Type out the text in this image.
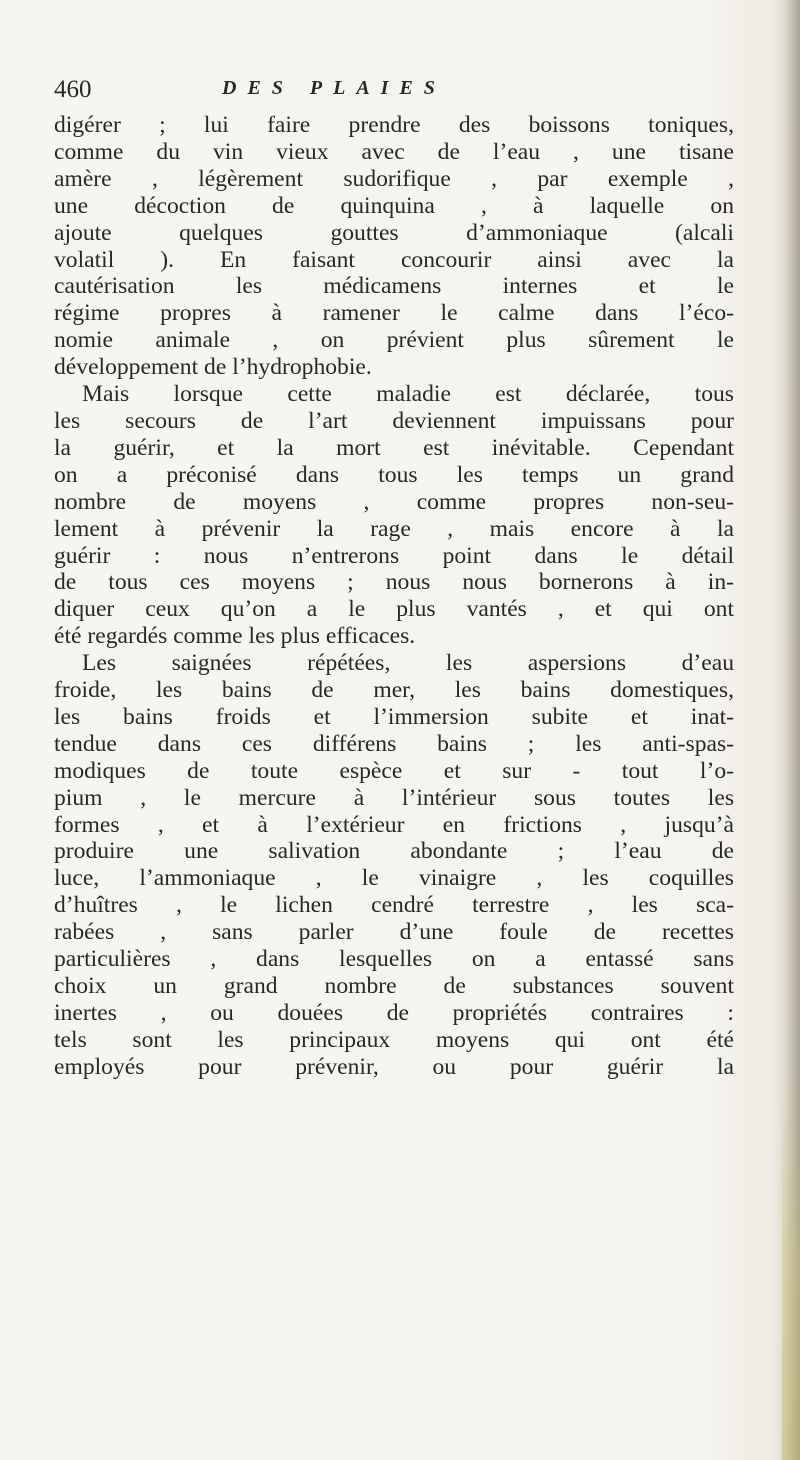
460	DES PLAIES
digérer ; lui faire prendre des boissons toniques,
comme du vin vieux avec de l’eau , une tisane
amère , légèrement sudorifique , par exemple ,
une décoction de quinquina , à laquelle on
ajoute quelques gouttes d’ammoniaque (alcali
volatil ). En faisant concourir ainsi avec la
cautérisation les médicamens internes et le
régime propres à ramener le calme dans l’éco-
nomie animale , on prévient plus sûrement le
développement de l’hydrophobie.
Mais lorsque cette maladie est déclarée, tous
les secours de l’art deviennent impuissans pour
la guérir, et la mort est inévitable. Cependant
on a préconisé dans tous les temps un grand
nombre de moyens , comme propres non-seu-
lement à prévenir la rage , mais encore à la
guérir : nous n’entrerons point dans le détail
de tous ces moyens ; nous nous bornerons à in-
diquer ceux qu’on a le plus vantés , et qui ont
été regardés comme les plus efficaces.
Les saignées répétées, les aspersions d’eau
froide, les bains de mer, les bains domestiques,
les bains froids et l’immersion subite et inat-
tendue dans ces différens bains ; les anti-spas-
modiques de toute espèce et sur - tout l’o-
pium , le mercure à l’intérieur sous toutes les
formes , et à l’extérieur en frictions , jusqu’à
produire une salivation abondante ; l’eau de
luce, l’ammoniaque , le vinaigre , les coquilles
d’huîtres , le lichen cendré terrestre , les sca-
rabées , sans parler d’une foule de recettes
particulières , dans lesquelles on a entassé sans
choix un grand nombre de substances souvent
inertes , ou douées de propriétés contraires :
tels sont les principaux moyens qui ont été
employés pour prévenir, ou pour guérir la
